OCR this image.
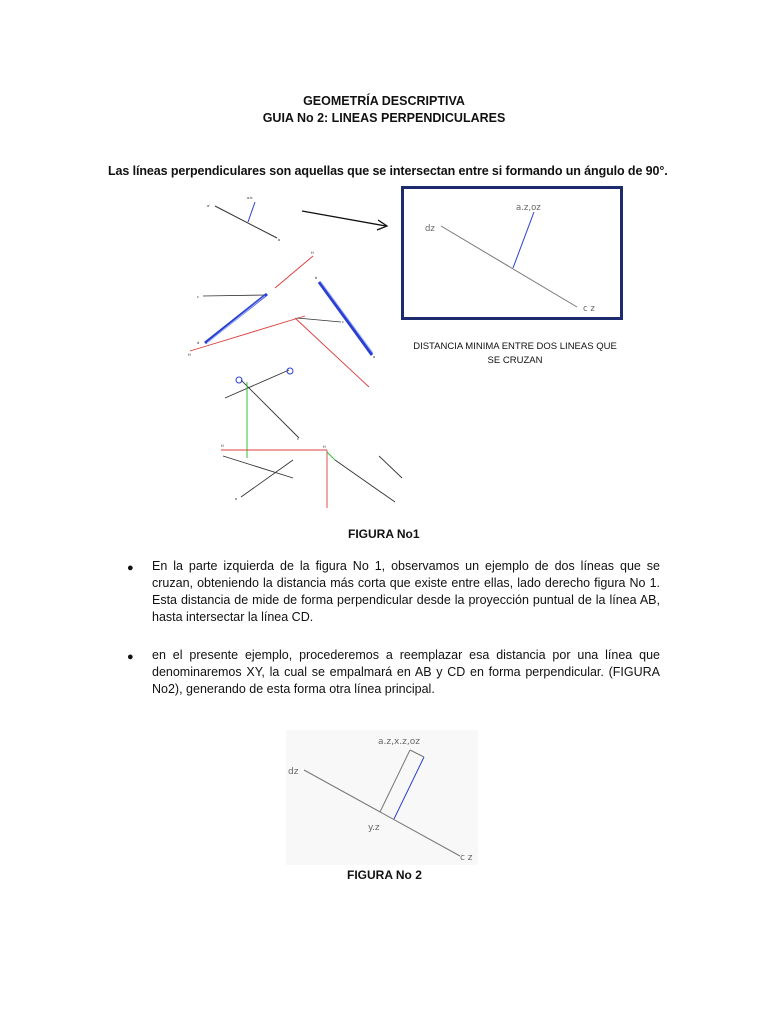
GEOMETRÍA DESCRIPTIVA
GUIA No 2: LINEAS PERPENDICULARES
Las líneas perpendiculares son aquellas que se intersectan entre si formando un ángulo de 90°.
a'
a.b
b
c
d
H
H
b
a
c
H	H
c
a
a.z,oz
dz
c z
DISTANCIA MINIMA ENTRE DOS LINEAS QUE
SE CRUZAN
FIGURA No1
● En la parte izquierda de la figura No 1, observamos un ejemplo de dos líneas que se cruzan, obteniendo la distancia más corta que existe entre ellas, lado derecho figura No 1. Esta distancia de mide de forma perpendicular desde la proyección puntual de la línea AB, hasta intersectar la línea CD.
● en el presente ejemplo, procederemos a reemplazar esa distancia por una línea que denominaremos XY, la cual se empalmará en AB y CD en forma perpendicular. (FIGURA No2), generando de esta forma otra línea principal.
a.z,x.z,oz
dz
y.z
c z
FIGURA No 2
